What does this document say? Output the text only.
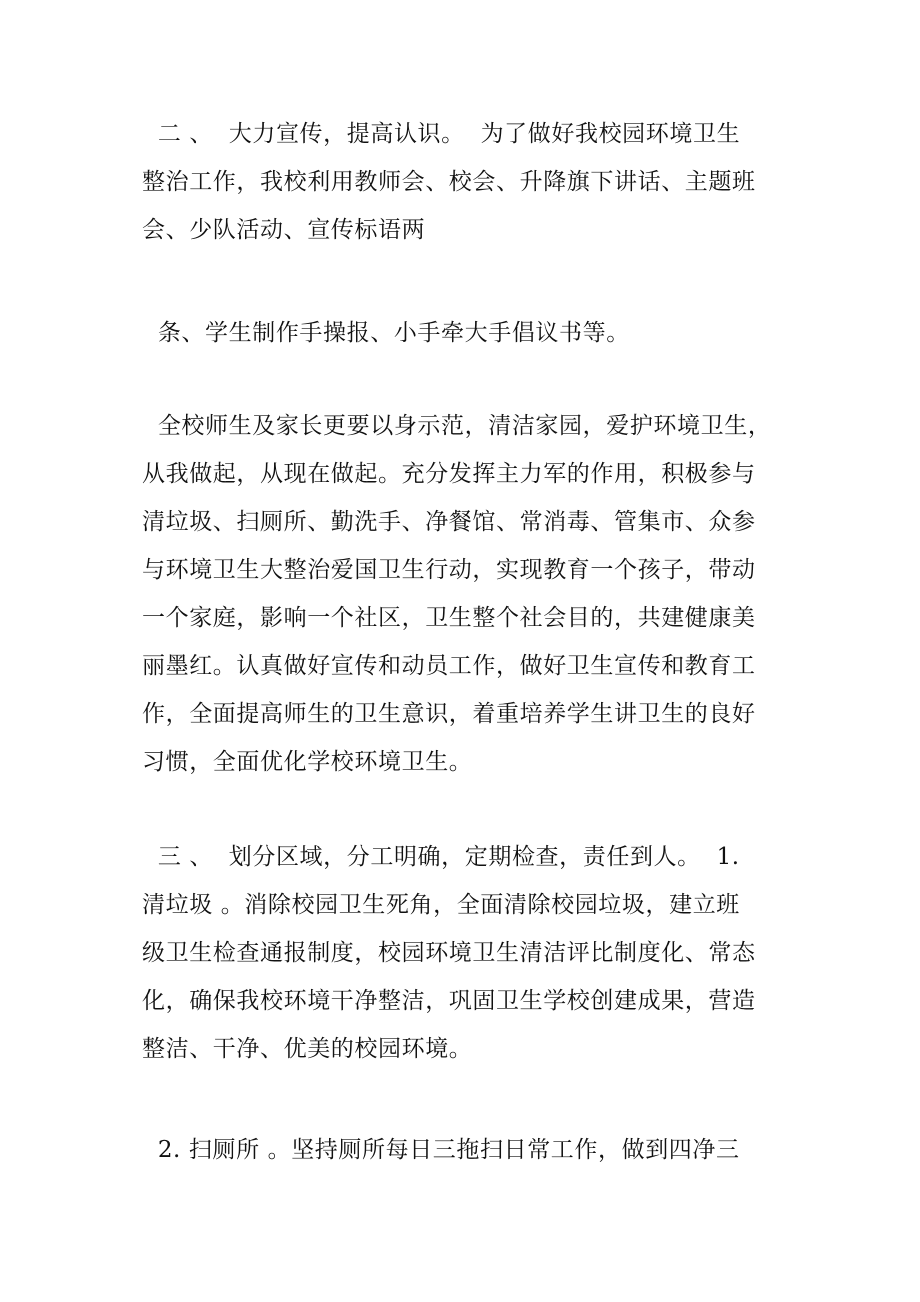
二 、  大力宣传，提高认识。  为了做好我校园环境卫生
整治工作，我校利用教师会、校会、升降旗下讲话、主题班
会、少队活动、宣传标语两

条、学生制作手操报、小手牵大手倡议书等。

全校师生及家长更要以身示范，清洁家园，爱护环境卫生，
从我做起，从现在做起。充分发挥主力军的作用，积极参与
清垃圾、扫厕所、勤洗手、净餐馆、常消毒、管集市、众参
与环境卫生大整治爱国卫生行动，实现教育一个孩子，带动
一个家庭，影响一个社区，卫生整个社会目的，共建健康美
丽墨红。认真做好宣传和动员工作，做好卫生宣传和教育工
作，全面提高师生的卫生意识，着重培养学生讲卫生的良好
习惯，全面优化学校环境卫生。

三 、  划分区域，分工明确，定期检查，责任到人。  1.
清垃圾 。消除校园卫生死角，全面清除校园垃圾，建立班
级卫生检查通报制度，校园环境卫生清洁评比制度化、常态
化，确保我校环境干净整洁，巩固卫生学校创建成果，营造
整洁、干净、优美的校园环境。

2. 扫厕所 。坚持厕所每日三拖扫日常工作，做到四净三
